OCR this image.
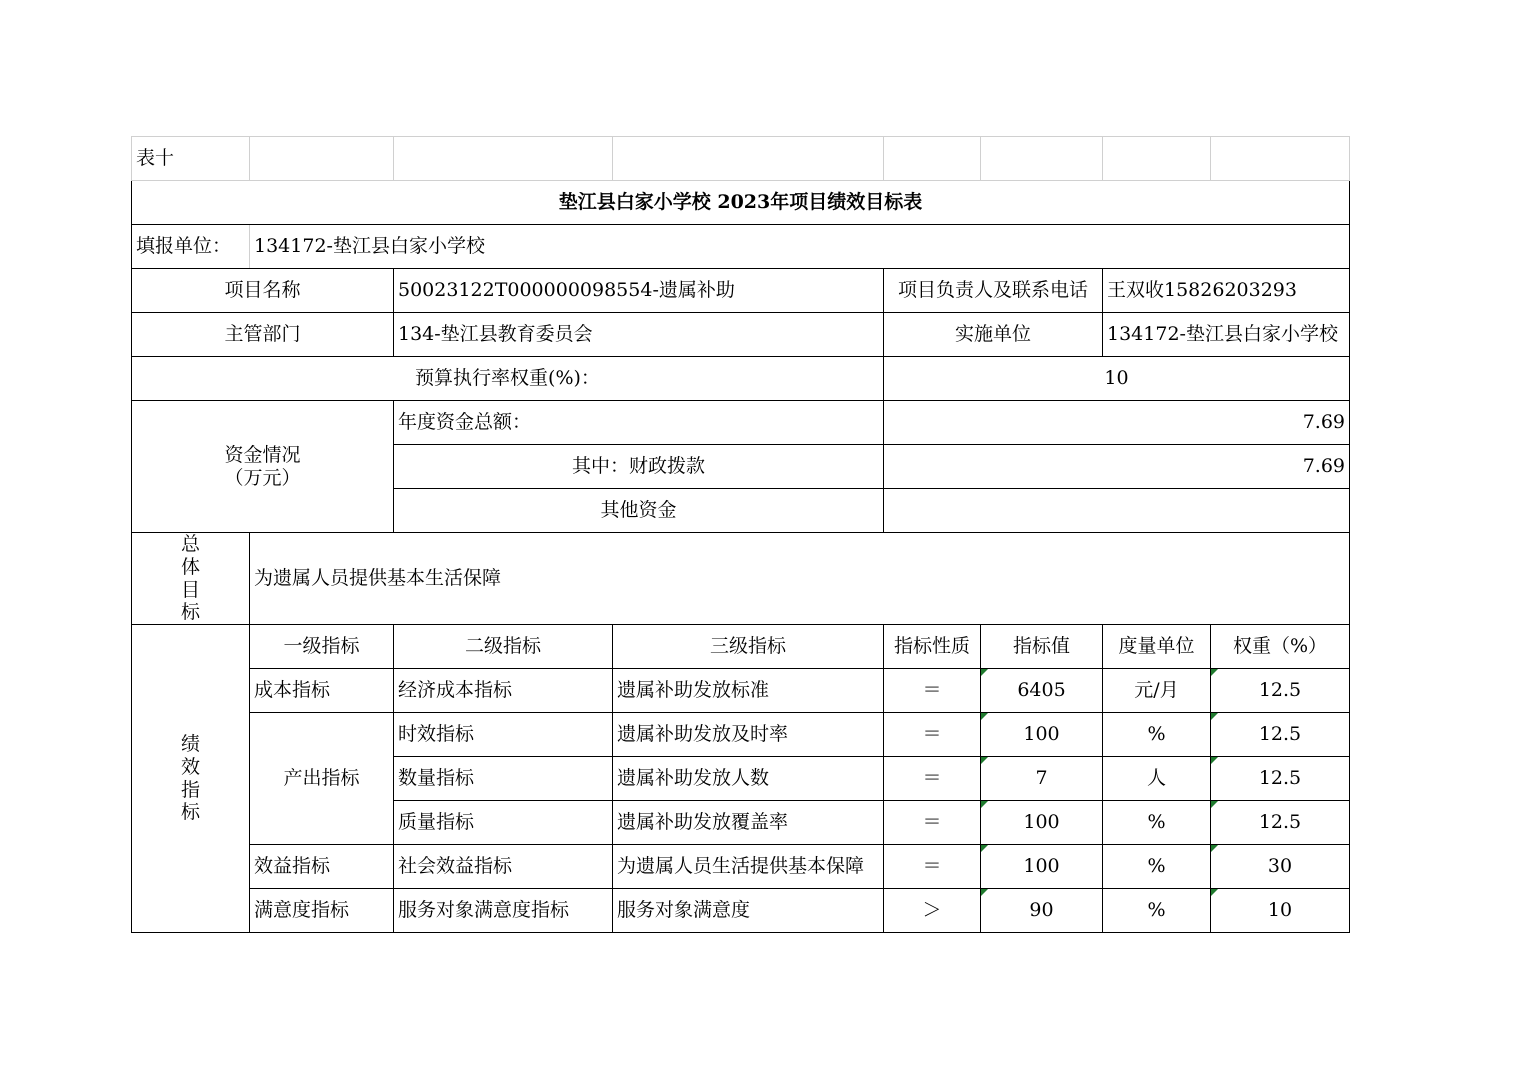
表十							
垫江县白家小学校 2023年项目绩效目标表							
填报单位：	134172-垫江县白家小学校						
项目名称		50023122T000000098554-遗属补助		项目负责人及联系电话		王双收15826203293	
主管部门		134-垫江县教育委员会		实施单位		134172-垫江县白家小学校	
预算执行率权重(%)：				10			

资金情况
（万元）		年度资金总额：		7.69			
		其中：财政拨款		7.69			
		其他资金					

总
体
目
标	为遗属人员提供基本生活保障						

绩
效
指
标	一级指标	二级指标	三级指标	指标性质	指标值	度量单位	权重（%）
	成本指标	经济成本指标	遗属补助发放标准	＝	6405	元/月	12.5
	产出指标	时效指标	遗属补助发放及时率	＝	100	%	12.5
		数量指标	遗属补助发放人数	＝	7	人	12.5
		质量指标	遗属补助发放覆盖率	＝	100	%	12.5
	效益指标	社会效益指标	为遗属人员生活提供基本保障	＝	100	%	30
	满意度指标	服务对象满意度指标	服务对象满意度	＞	90	%	10
